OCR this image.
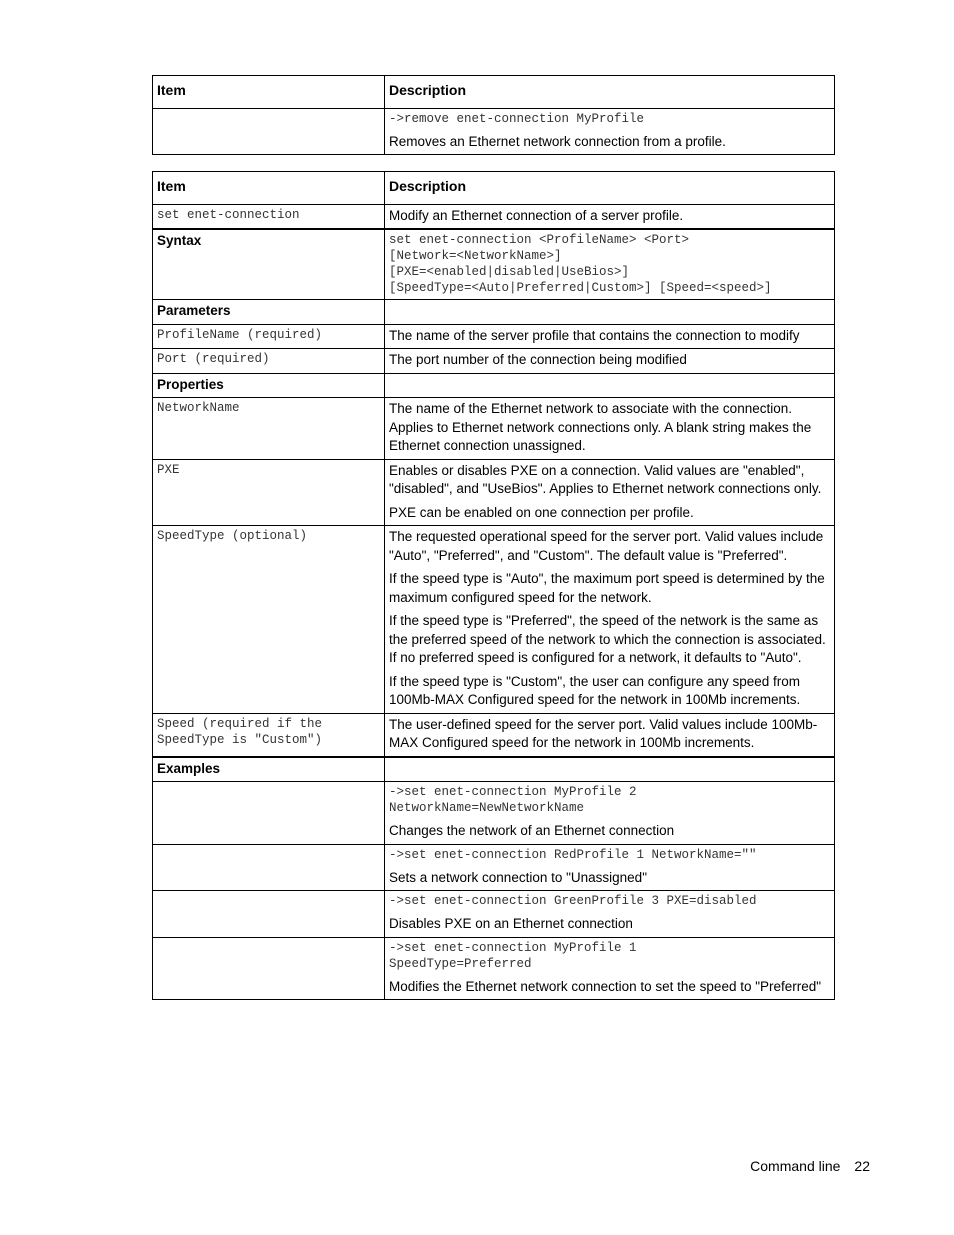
Item	Description

	->remove enet-connection MyProfile
Removes an Ethernet network connection from a profile.
Item	Description
set enet-connection	Modify an Ethernet connection of a server profile.
Syntax	set enet-connection <ProfileName> <Port>
[Network=<NetworkName>]
[PXE=<enabled|disabled|UseBios>]
[SpeedType=<Auto|Preferred|Custom>] [Speed=<speed>]

Parameters	
ProfileName (required)	The name of the server profile that contains the connection to modify
Port (required)	The port number of the connection being modified
Properties	
NetworkName	The name of the Ethernet network to associate with the connection. Applies to Ethernet network connections only. A blank string makes the Ethernet connection unassigned.

PXE	Enables or disables PXE on a connection. Valid values are "enabled", "disabled", and "UseBios". Applies to Ethernet network connections only.
PXE can be enabled on one connection per profile.

SpeedType (optional)	The requested operational speed for the server port. Valid values include "Auto", "Preferred", and "Custom". The default value is "Preferred".
If the speed type is "Auto", the maximum port speed is determined by the maximum configured speed for the network.
If the speed type is "Preferred", the speed of the network is the same as the preferred speed of the network to which the connection is associated. If no preferred speed is configured for a network, it defaults to "Auto".
If the speed type is "Custom", the user can configure any speed from 100Mb-MAX Configured speed for the network in 100Mb increments.

Speed (required if the
SpeedType is "Custom")	The user-defined speed for the server port. Valid values include 100Mb-MAX Configured speed for the network in 100Mb increments.

Examples	

	->set enet-connection MyProfile 2
NetworkName=NewNetworkName
Changes the network of an Ethernet connection

	->set enet-connection RedProfile 1 NetworkName=""
Sets a network connection to "Unassigned"

	->set enet-connection GreenProfile 3 PXE=disabled
Disables PXE on an Ethernet connection

	->set enet-connection MyProfile 1
SpeedType=Preferred
Modifies the Ethernet network connection to set the speed to "Preferred"
Command line 22
